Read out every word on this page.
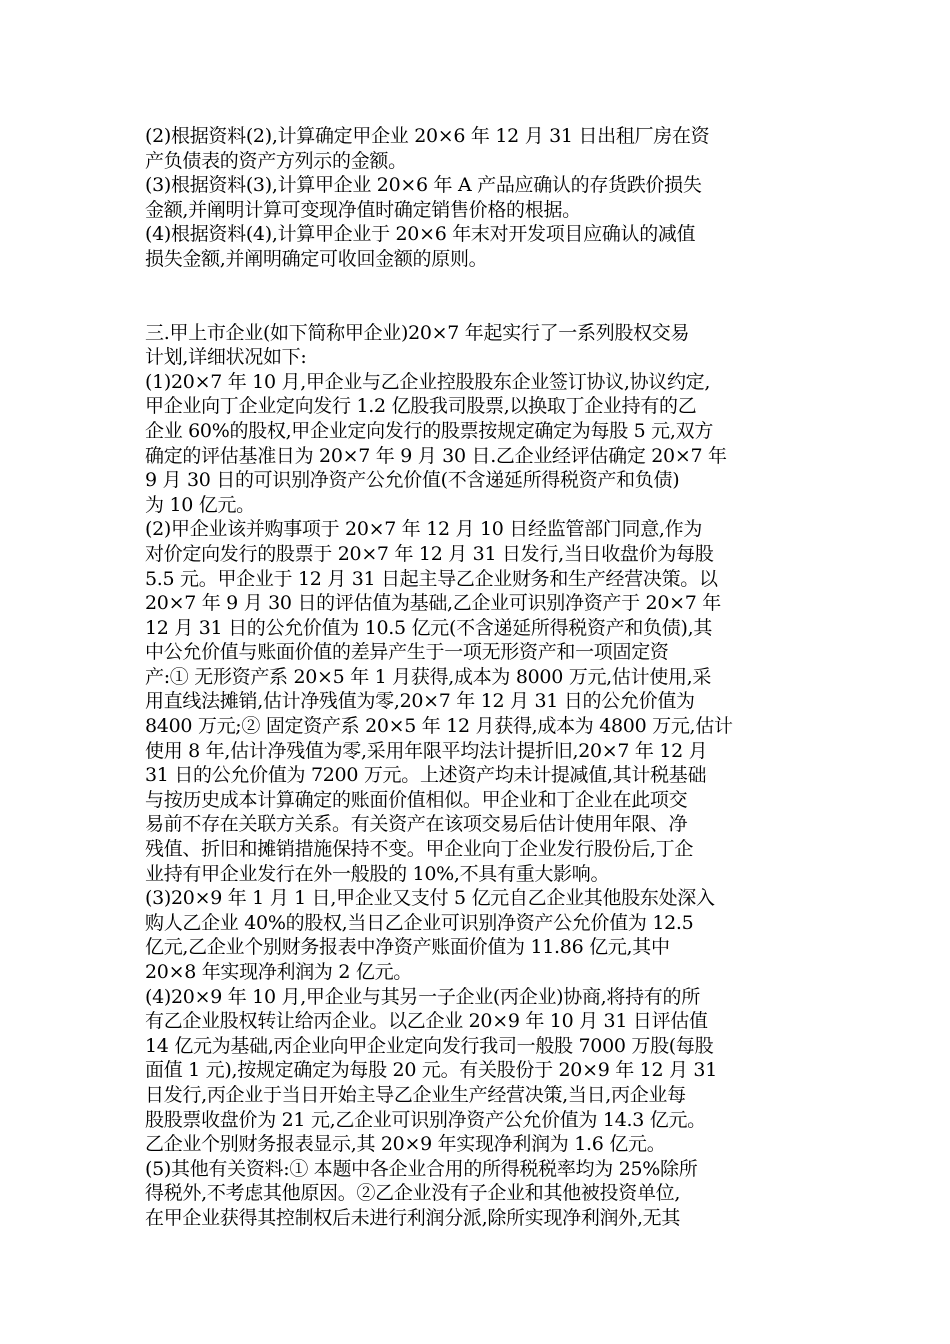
(2)根据资料(2),计算确定甲企业 20×6 年 12 月 31 日出租厂房在资
产负债表的资产方列示的金额。
(3)根据资料(3),计算甲企业 20×6 年 A 产品应确认的存货跌价损失
金额,并阐明计算可变现净值时确定销售价格的根据。
(4)根据资料(4),计算甲企业于 20×6 年末对开发项目应确认的减值
损失金额,并阐明确定可收回金额的原则。
三.甲上市企业(如下简称甲企业)20×7 年起实行了一系列股权交易
计划,详细状况如下:
(1)20×7 年 10 月,甲企业与乙企业控股股东企业签订协议,协议约定,
甲企业向丁企业定向发行 1.2 亿股我司股票,以换取丁企业持有的乙
企业 60%的股权,甲企业定向发行的股票按规定确定为每股 5 元,双方
确定的评估基准日为 20×7 年 9 月 30 日.乙企业经评估确定 20×7 年
9 月 30 日的可识别净资产公允价值(不含递延所得税资产和负债)
为 10 亿元。
(2)甲企业该并购事项于 20×7 年 12 月 10 日经监管部门同意,作为
对价定向发行的股票于 20×7 年 12 月 31 日发行,当日收盘价为每股
5.5 元。甲企业于 12 月 31 日起主导乙企业财务和生产经营决策。以
20×7 年 9 月 30 日的评估值为基础,乙企业可识别净资产于 20×7 年
12 月 31 日的公允价值为 10.5 亿元(不含递延所得税资产和负债),其
中公允价值与账面价值的差异产生于一项无形资产和一项固定资
产:① 无形资产系 20×5 年 1 月获得,成本为 8000 万元,估计使用,采
用直线法摊销,估计净残值为零,20×7 年 12 月 31 日的公允价值为
8400 万元;② 固定资产系 20×5 年 12 月获得,成本为 4800 万元,估计
使用 8 年,估计净残值为零,采用年限平均法计提折旧,20×7 年 12 月
31 日的公允价值为 7200 万元。上述资产均未计提减值,其计税基础
与按历史成本计算确定的账面价值相似。甲企业和丁企业在此项交
易前不存在关联方关系。有关资产在该项交易后估计使用年限、净
残值、折旧和摊销措施保持不变。甲企业向丁企业发行股份后,丁企
业持有甲企业发行在外一般股的 10%,不具有重大影响。
(3)20×9 年 1 月 1 日,甲企业又支付 5 亿元自乙企业其他股东处深入
购人乙企业 40%的股权,当日乙企业可识别净资产公允价值为 12.5
亿元,乙企业个别财务报表中净资产账面价值为 11.86 亿元,其中
20×8 年实现净利润为 2 亿元。
(4)20×9 年 10 月,甲企业与其另一子企业(丙企业)协商,将持有的所
有乙企业股权转让给丙企业。以乙企业 20×9 年 10 月 31 日评估值
14 亿元为基础,丙企业向甲企业定向发行我司一般股 7000 万股(每股
面值 1 元),按规定确定为每股 20 元。有关股份于 20×9 年 12 月 31
日发行,丙企业于当日开始主导乙企业生产经营决策,当日,丙企业每
股股票收盘价为 21 元,乙企业可识别净资产公允价值为 14.3 亿元。
乙企业个别财务报表显示,其 20×9 年实现净利润为 1.6 亿元。
(5)其他有关资料:① 本题中各企业合用的所得税税率均为 25%除所
得税外,不考虑其他原因。②乙企业没有子企业和其他被投资单位,
在甲企业获得其控制权后未进行利润分派,除所实现净利润外,无其
